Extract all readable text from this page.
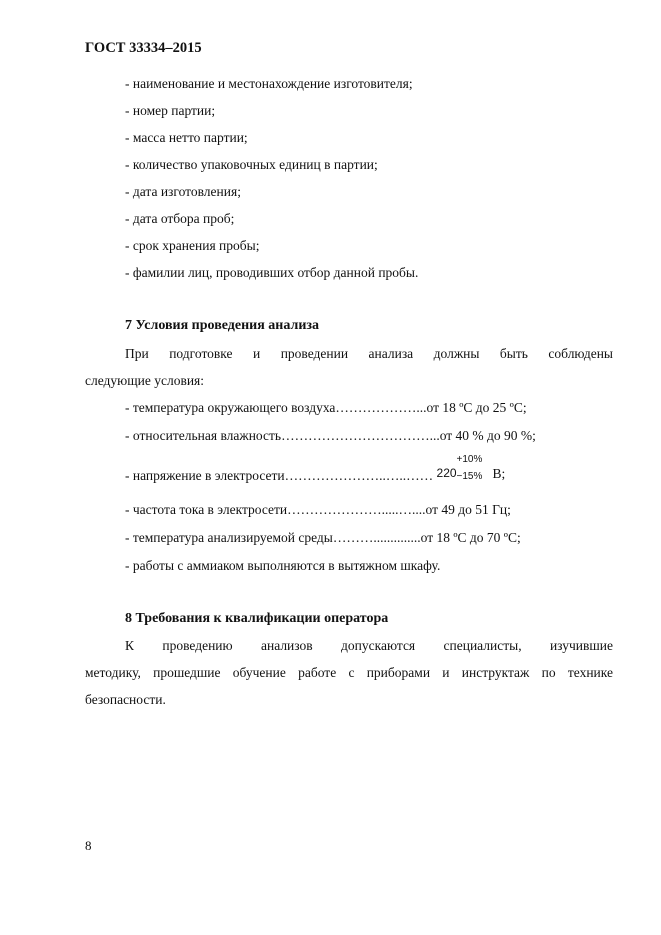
ГОСТ 33334–2015
- наименование и местонахождение изготовителя;
- номер партии;
- масса нетто партии;
- количество упаковочных единиц в партии;
- дата изготовления;
- дата отбора проб;
- срок хранения пробы;
- фамилии лиц, проводивших отбор данной пробы.
7 Условия проведения анализа
При подготовке и проведении анализа должны быть соблюдены
следующие условия:
- температура окружающего воздуха………………...от 18 ºC до 25 ºC;
- относительная влажность……………………………...от 40 % до 90 %;
- напряжение в электросети…………………..…..…… 220
+10%
−15% В;
- частота тока в электросети………………….....…....от 49 до 51 Гц;
- температура анализируемой среды………..............от 18 ºC до 70 ºC;
- работы с аммиаком выполняются в вытяжном шкафу.
8 Требования к квалификации оператора
К проведению анализов допускаются специалисты, изучившие
методику, прошедшие обучение работе с приборами и инструктаж по технике
безопасности.
8
